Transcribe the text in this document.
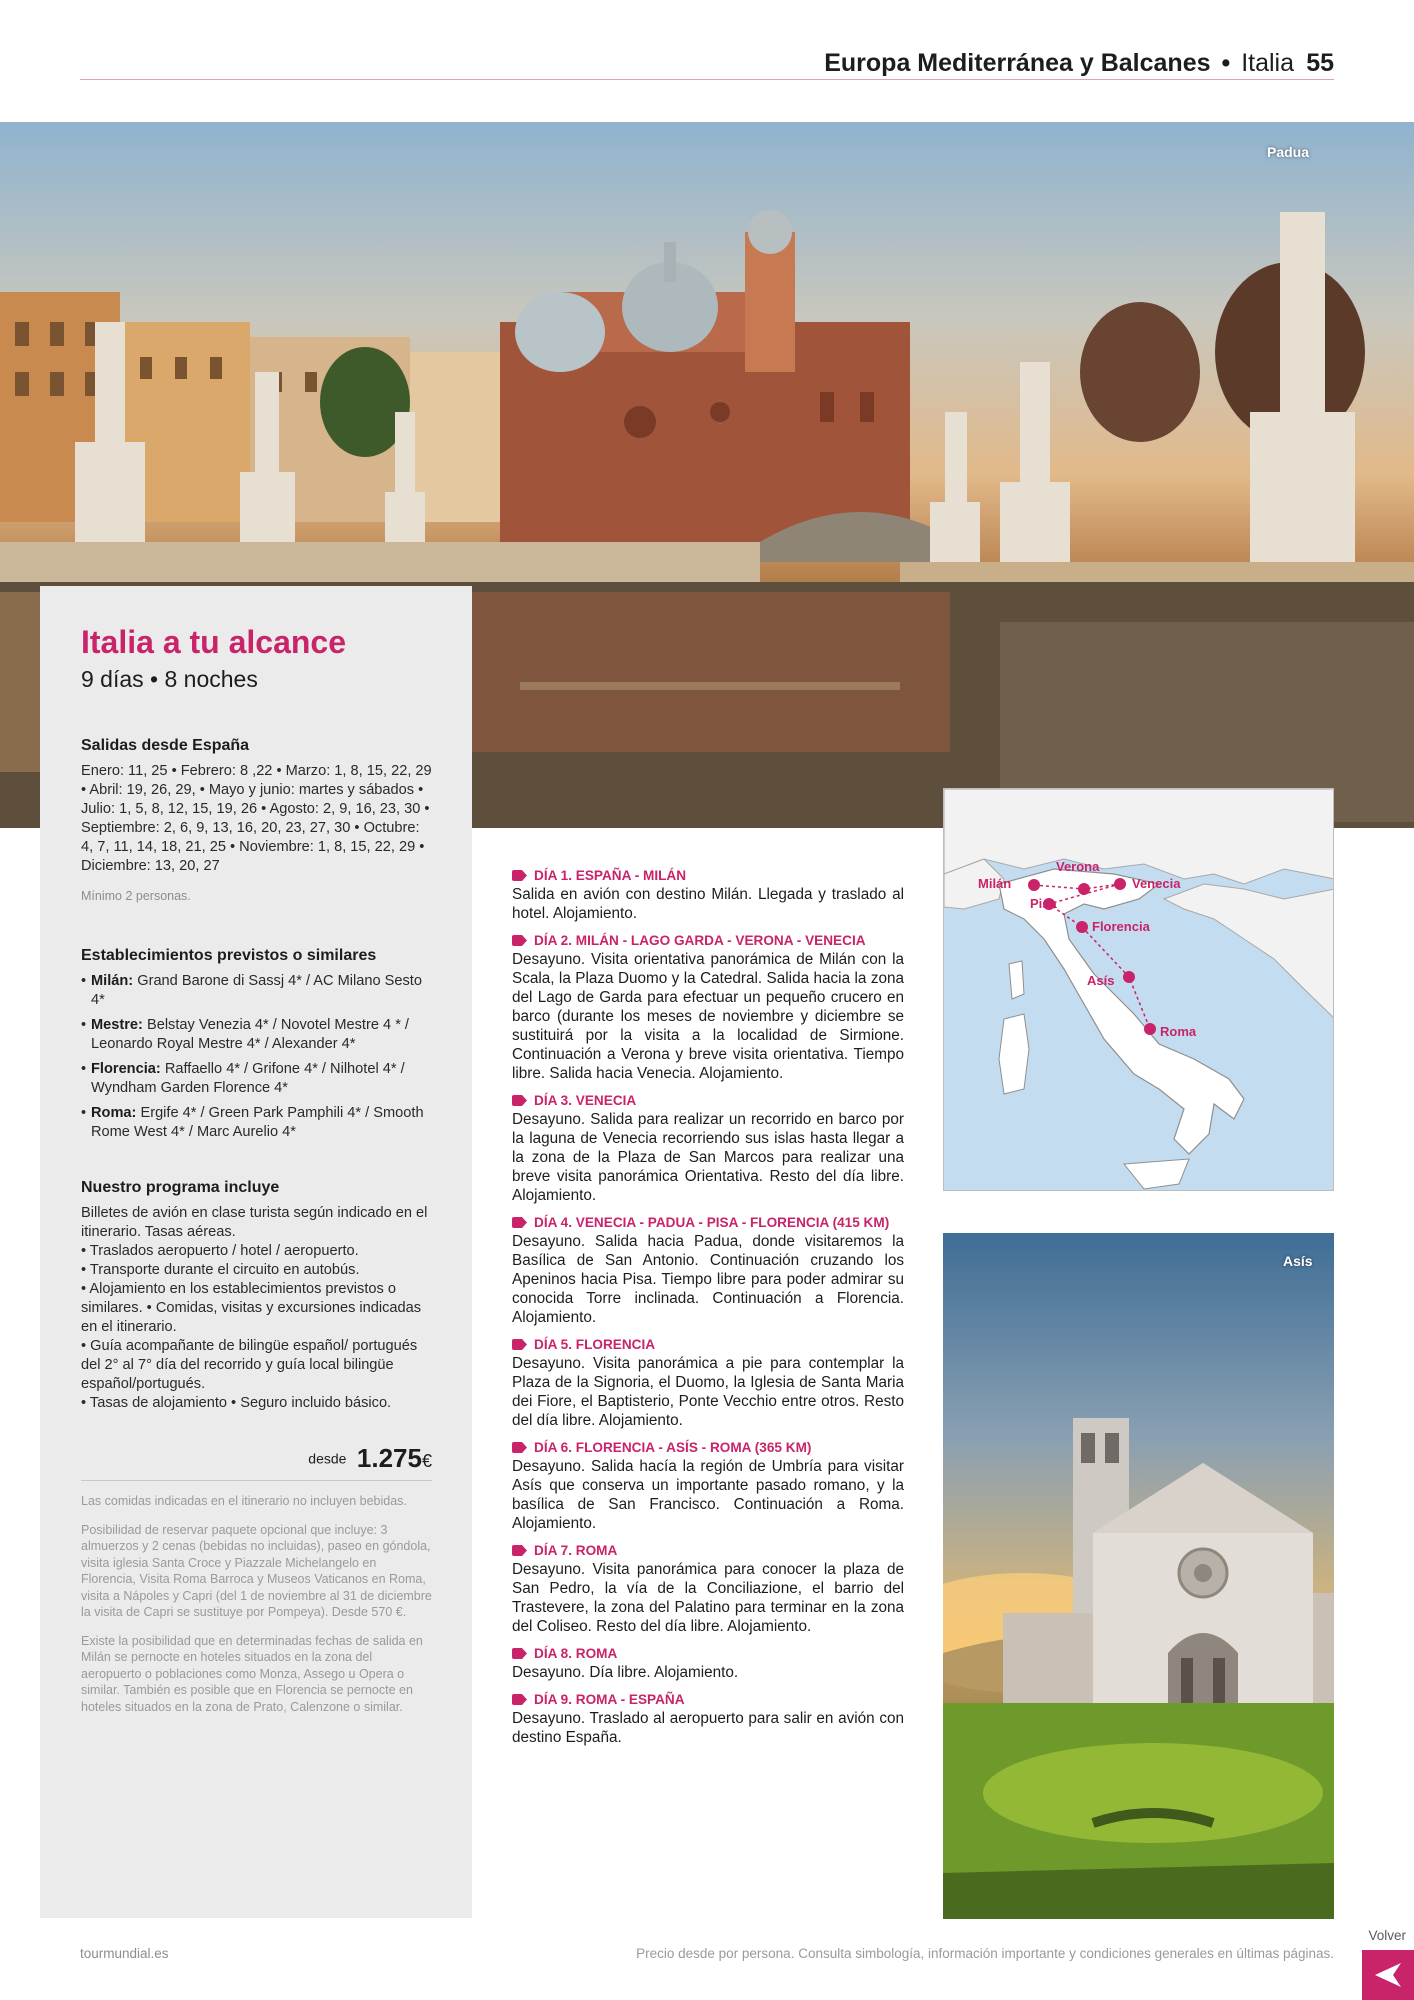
Europa Mediterránea y Balcanes • Italia 55
Padua
Italia a tu alcance
9 días • 8 noches
Salidas desde España
Enero: 11, 25 • Febrero: 8 ,22 • Marzo: 1, 8, 15, 22, 29 • Abril: 19, 26, 29, • Mayo y junio: martes y sábados • Julio: 1, 5, 8, 12, 15, 19, 26 • Agosto: 2, 9, 16, 23, 30 • Septiembre: 2, 6, 9, 13, 16, 20, 23, 27, 30 • Octubre: 4, 7, 11, 14, 18, 21, 25 • Noviembre: 1, 8, 15, 22, 29 • Diciembre: 13, 20, 27
Mínimo 2 personas.
Establecimientos previstos o similares
• Milán: Grand Barone di Sassj 4* / AC Milano Sesto 4*
• Mestre: Belstay Venezia 4* / Novotel Mestre 4 * / Leonardo Royal Mestre 4* / Alexander 4*
• Florencia: Raffaello 4* / Grifone 4* / Nilhotel 4* / Wyndham Garden Florence 4*
• Roma: Ergife 4* / Green Park Pamphili 4* / Smooth Rome West 4* / Marc Aurelio 4*
Nuestro programa incluye
Billetes de avión en clase turista según indicado en el itinerario. Tasas aéreas.
• Traslados aeropuerto / hotel / aeropuerto.
• Transporte durante el circuito en autobús.
• Alojamiento en los establecimientos previstos o similares. • Comidas, visitas y excursiones indicadas en el itinerario.
• Guía acompañante de bilingüe español/ portugués del 2° al 7° día del recorrido y guía local bilingüe español/portugués.
• Tasas de alojamiento • Seguro incluido básico.
desde 1.275€
Las comidas indicadas en el itinerario no incluyen bebidas.
Posibilidad de reservar paquete opcional que incluye: 3 almuerzos y 2 cenas (bebidas no incluidas), paseo en góndola, visita iglesia Santa Croce y Piazzale Michelangelo en Florencia, Visita Roma Barroca y Museos Vaticanos en Roma, visita a Nápoles y Capri (del 1 de noviembre al 31 de diciembre la visita de Capri se sustituye por Pompeya). Desde 570 €.
Existe la posibilidad que en determinadas fechas de salida en Milán se pernocte en hoteles situados en la zona del aeropuerto o poblaciones como Monza, Assego u Opera o similar. También es posible que en Florencia se pernocte en hoteles situados en la zona de Prato, Calenzone o similar.
DÍA 1. ESPAÑA - MILÁN
Salida en avión con destino Milán. Llegada y traslado al hotel. Alojamiento.
DÍA 2. MILÁN - LAGO GARDA - VERONA - VENECIA
Desayuno. Visita orientativa panorámica de Milán con la Scala, la Plaza Duomo y la Catedral. Salida hacia la zona del Lago de Garda para efectuar un pequeño crucero en barco (durante los meses de noviembre y diciembre se sustituirá por la visita a la localidad de Sirmione. Continuación a Verona y breve visita orientativa. Tiempo libre. Salida hacia Venecia. Alojamiento.
DÍA 3. VENECIA
Desayuno. Salida para realizar un recorrido en barco por la laguna de Venecia recorriendo sus islas hasta llegar a la zona de la Plaza de San Marcos para realizar una breve visita panorámica Orientativa. Resto del día libre. Alojamiento.
DÍA 4. VENECIA - PADUA - PISA - FLORENCIA (415 KM)
Desayuno. Salida hacia Padua, donde visitaremos la Basílica de San Antonio. Continuación cruzando los Apeninos hacia Pisa. Tiempo libre para poder admirar su conocida Torre inclinada. Continuación a Florencia. Alojamiento.
DÍA 5. FLORENCIA
Desayuno. Visita panorámica a pie para contemplar la Plaza de la Signoria, el Duomo, la Iglesia de Santa Maria dei Fiore, el Baptisterio, Ponte Vecchio entre otros. Resto del día libre. Alojamiento.
DÍA 6. FLORENCIA - ASÍS - ROMA (365 KM)
Desayuno. Salida hacía la región de Umbría para visitar Asís que conserva un importante pasado romano, y la basílica de San Francisco. Continuación a Roma. Alojamiento.
DÍA 7. ROMA
Desayuno. Visita panorámica para conocer la plaza de San Pedro, la vía de la Conciliazione, el barrio del Trastevere, la zona del Palatino para terminar en la zona del Coliseo. Resto del día libre. Alojamiento.
DÍA 8. ROMA
Desayuno. Día libre. Alojamiento.
DÍA 9. ROMA - ESPAÑA
Desayuno. Traslado al aeropuerto para salir en avión con destino España.
Milán
Verona
Venecia
Pisa
Florencia
Asís
Roma
Asís
tourmundial.es	Precio desde por persona. Consulta simbología, información importante y condiciones generales en últimas páginas.
Volver
